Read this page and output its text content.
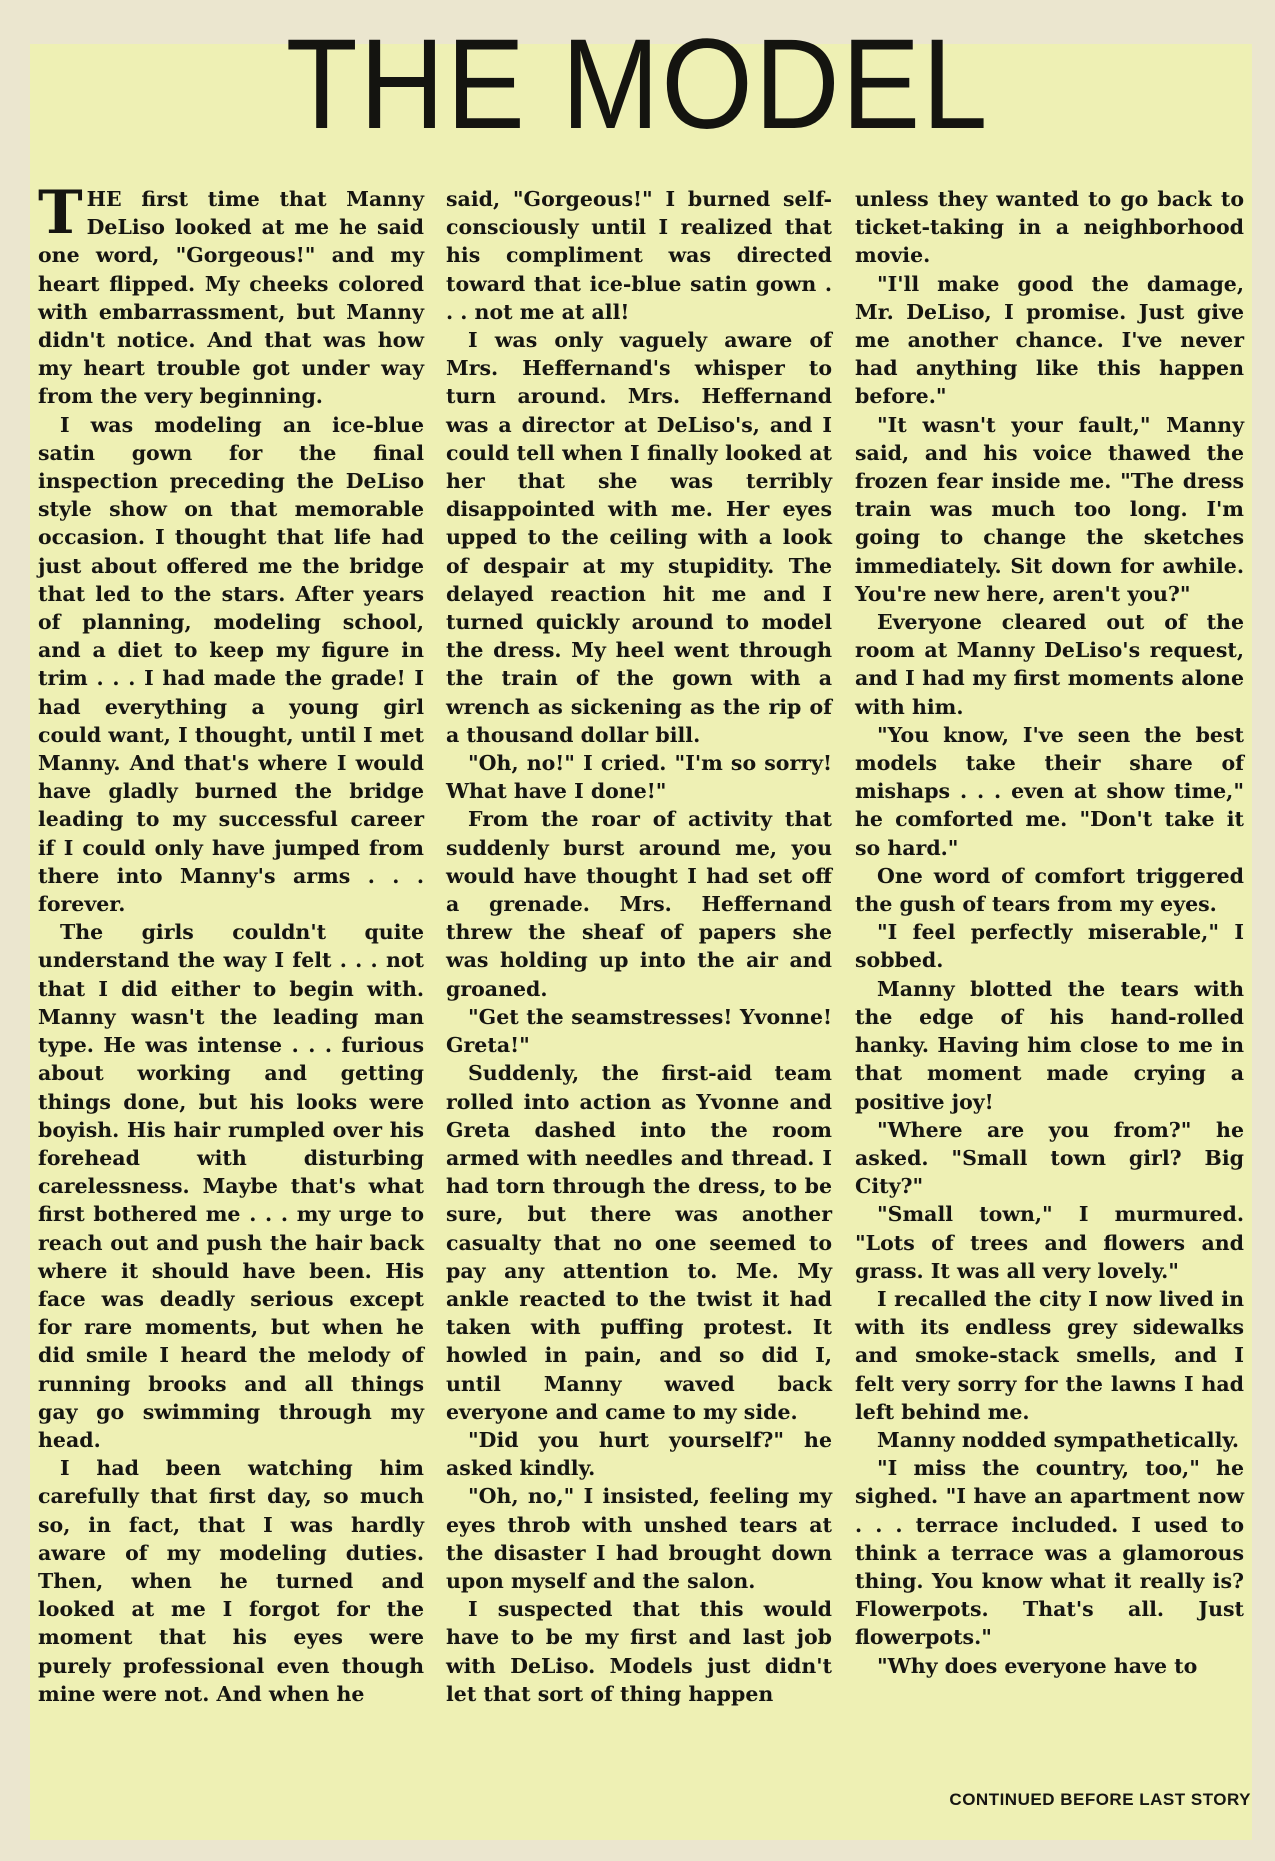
THE MODEL

THE first time that Manny DeLiso looked at me he said one word, "Gorgeous!" and my heart flipped. My cheeks colored with embarrassment, but Manny didn't notice. And that was how my heart trouble got under way from the very beginning.

I was modeling an ice-blue satin gown for the final inspection preceding the DeLiso style show on that memorable occasion. I thought that life had just about offered me the bridge that led to the stars. After years of planning, modeling school, and a diet to keep my figure in trim . . . I had made the grade! I had everything a young girl could want, I thought, until I met Manny. And that's where I would have gladly burned the bridge leading to my successful career if I could only have jumped from there into Manny's arms . . . forever.

The girls couldn't quite understand the way I felt . . . not that I did either to begin with. Manny wasn't the leading man type. He was intense . . . furious about working and getting things done, but his looks were boyish. His hair rumpled over his forehead with disturbing carelessness. Maybe that's what first bothered me . . . my urge to reach out and push the hair back where it should have been. His face was deadly serious except for rare moments, but when he did smile I heard the melody of running brooks and all things gay go swimming through my head.

I had been watching him carefully that first day, so much so, in fact, that I was hardly aware of my modeling duties. Then, when he turned and looked at me I forgot for the moment that his eyes were purely professional even though mine were not. And when he

said, "Gorgeous!" I burned self-consciously until I realized that his compliment was directed toward that ice-blue satin gown . . . not me at all!

I was only vaguely aware of Mrs. Heffernand's whisper to turn around. Mrs. Heffernand was a director at DeLiso's, and I could tell when I finally looked at her that she was terribly disappointed with me. Her eyes upped to the ceiling with a look of despair at my stupidity. The delayed reaction hit me and I turned quickly around to model the dress. My heel went through the train of the gown with a wrench as sickening as the rip of a thousand dollar bill.

"Oh, no!" I cried. "I'm so sorry! What have I done!"

From the roar of activity that suddenly burst around me, you would have thought I had set off a grenade. Mrs. Heffernand threw the sheaf of papers she was holding up into the air and groaned.

"Get the seamstresses! Yvonne! Greta!"

Suddenly, the first-aid team rolled into action as Yvonne and Greta dashed into the room armed with needles and thread. I had torn through the dress, to be sure, but there was another casualty that no one seemed to pay any attention to. Me. My ankle reacted to the twist it had taken with puffing protest. It howled in pain, and so did I, until Manny waved back everyone and came to my side.

"Did you hurt yourself?" he asked kindly.

"Oh, no," I insisted, feeling my eyes throb with unshed tears at the disaster I had brought down upon myself and the salon.

I suspected that this would have to be my first and last job with DeLiso. Models just didn't let that sort of thing happen

unless they wanted to go back to ticket-taking in a neighborhood movie.

"I'll make good the damage, Mr. DeLiso, I promise. Just give me another chance. I've never had anything like this happen before."

"It wasn't your fault," Manny said, and his voice thawed the frozen fear inside me. "The dress train was much too long. I'm going to change the sketches immediately. Sit down for awhile. You're new here, aren't you?"

Everyone cleared out of the room at Manny DeLiso's request, and I had my first moments alone with him.

"You know, I've seen the best models take their share of mishaps . . . even at show time," he comforted me. "Don't take it so hard."

One word of comfort triggered the gush of tears from my eyes.

"I feel perfectly miserable," I sobbed.

Manny blotted the tears with the edge of his hand-rolled hanky. Having him close to me in that moment made crying a positive joy!

"Where are you from?" he asked. "Small town girl? Big City?"

"Small town," I murmured. "Lots of trees and flowers and grass. It was all very lovely."

I recalled the city I now lived in with its endless grey sidewalks and smoke-stack smells, and I felt very sorry for the lawns I had left behind me.

Manny nodded sympathetically.

"I miss the country, too," he sighed. "I have an apartment now . . . terrace included. I used to think a terrace was a glamorous thing. You know what it really is? Flowerpots. That's all. Just flowerpots."

"Why does everyone have to

CONTINUED BEFORE LAST STORY
